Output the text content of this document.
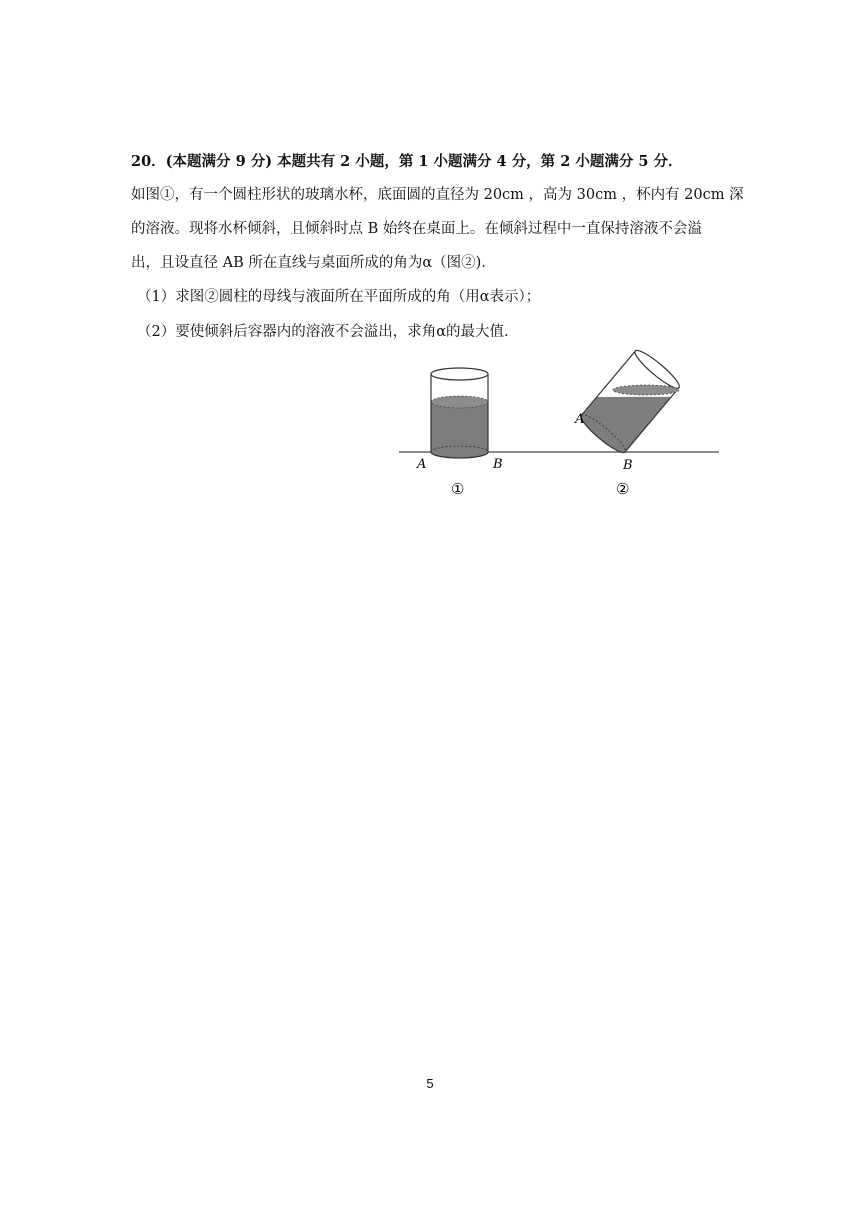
20．(本题满分 9 分) 本题共有 2 小题，第 1 小题满分 4 分，第 2 小题满分 5 分．
如图①，有一个圆柱形状的玻璃水杯，底面圆的直径为 20cm ，高为 30cm ，杯内有 20cm 深
的溶液。现将水杯倾斜，且倾斜时点 B 始终在桌面上。在倾斜过程中一直保持溶液不会溢
出，且设直径 AB 所在直线与桌面所成的角为α（图②)．
（1）求图②圆柱的母线与液面所在平面所成的角（用α表示）；
（2）要使倾斜后容器内的溶液不会溢出，求角α的最大值．
A	B
①
A
B
②
5
